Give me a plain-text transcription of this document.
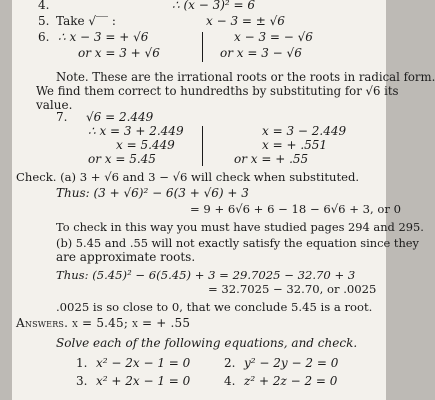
4.	∴ (x − 3)² = 6
5. Take √‾‾ :	x − 3 = ± √6
6. ∴ x − 3 = + √6
or x = 3 + √6
x − 3 = − √6
or x = 3 − √6
Note. These are the irrational roots or the roots in radical form.
We find them correct to hundredths by substituting for √6 its
value.
7. √6 = 2.449
∴ x = 3 + 2.449
x = 5.449
or x = 5.45
x = 3 − 2.449
x = + .551
or x = + .55
Check. (a) 3 + √6 and 3 − √6 will check when substituted.
Thus: (3 + √6)² − 6(3 + √6) + 3
= 9 + 6√6 + 6 − 18 − 6√6 + 3, or 0
To check in this way you must have studied pages 294 and 295.
(b) 5.45 and .55 will not exactly satisfy the equation since they
are approximate roots.
Thus: (5.45)² − 6(5.45) + 3 = 29.7025 − 32.70 + 3
= 32.7025 − 32.70, or .0025
.0025 is so close to 0, that we conclude 5.45 is a root.
Answers. x = 5.45; x = + .55
Solve each of the following equations, and check.
1. x² − 2x − 1 = 0	2. y² − 2y − 2 = 0
3. x² + 2x − 1 = 0	4. z² + 2z − 2 = 0
